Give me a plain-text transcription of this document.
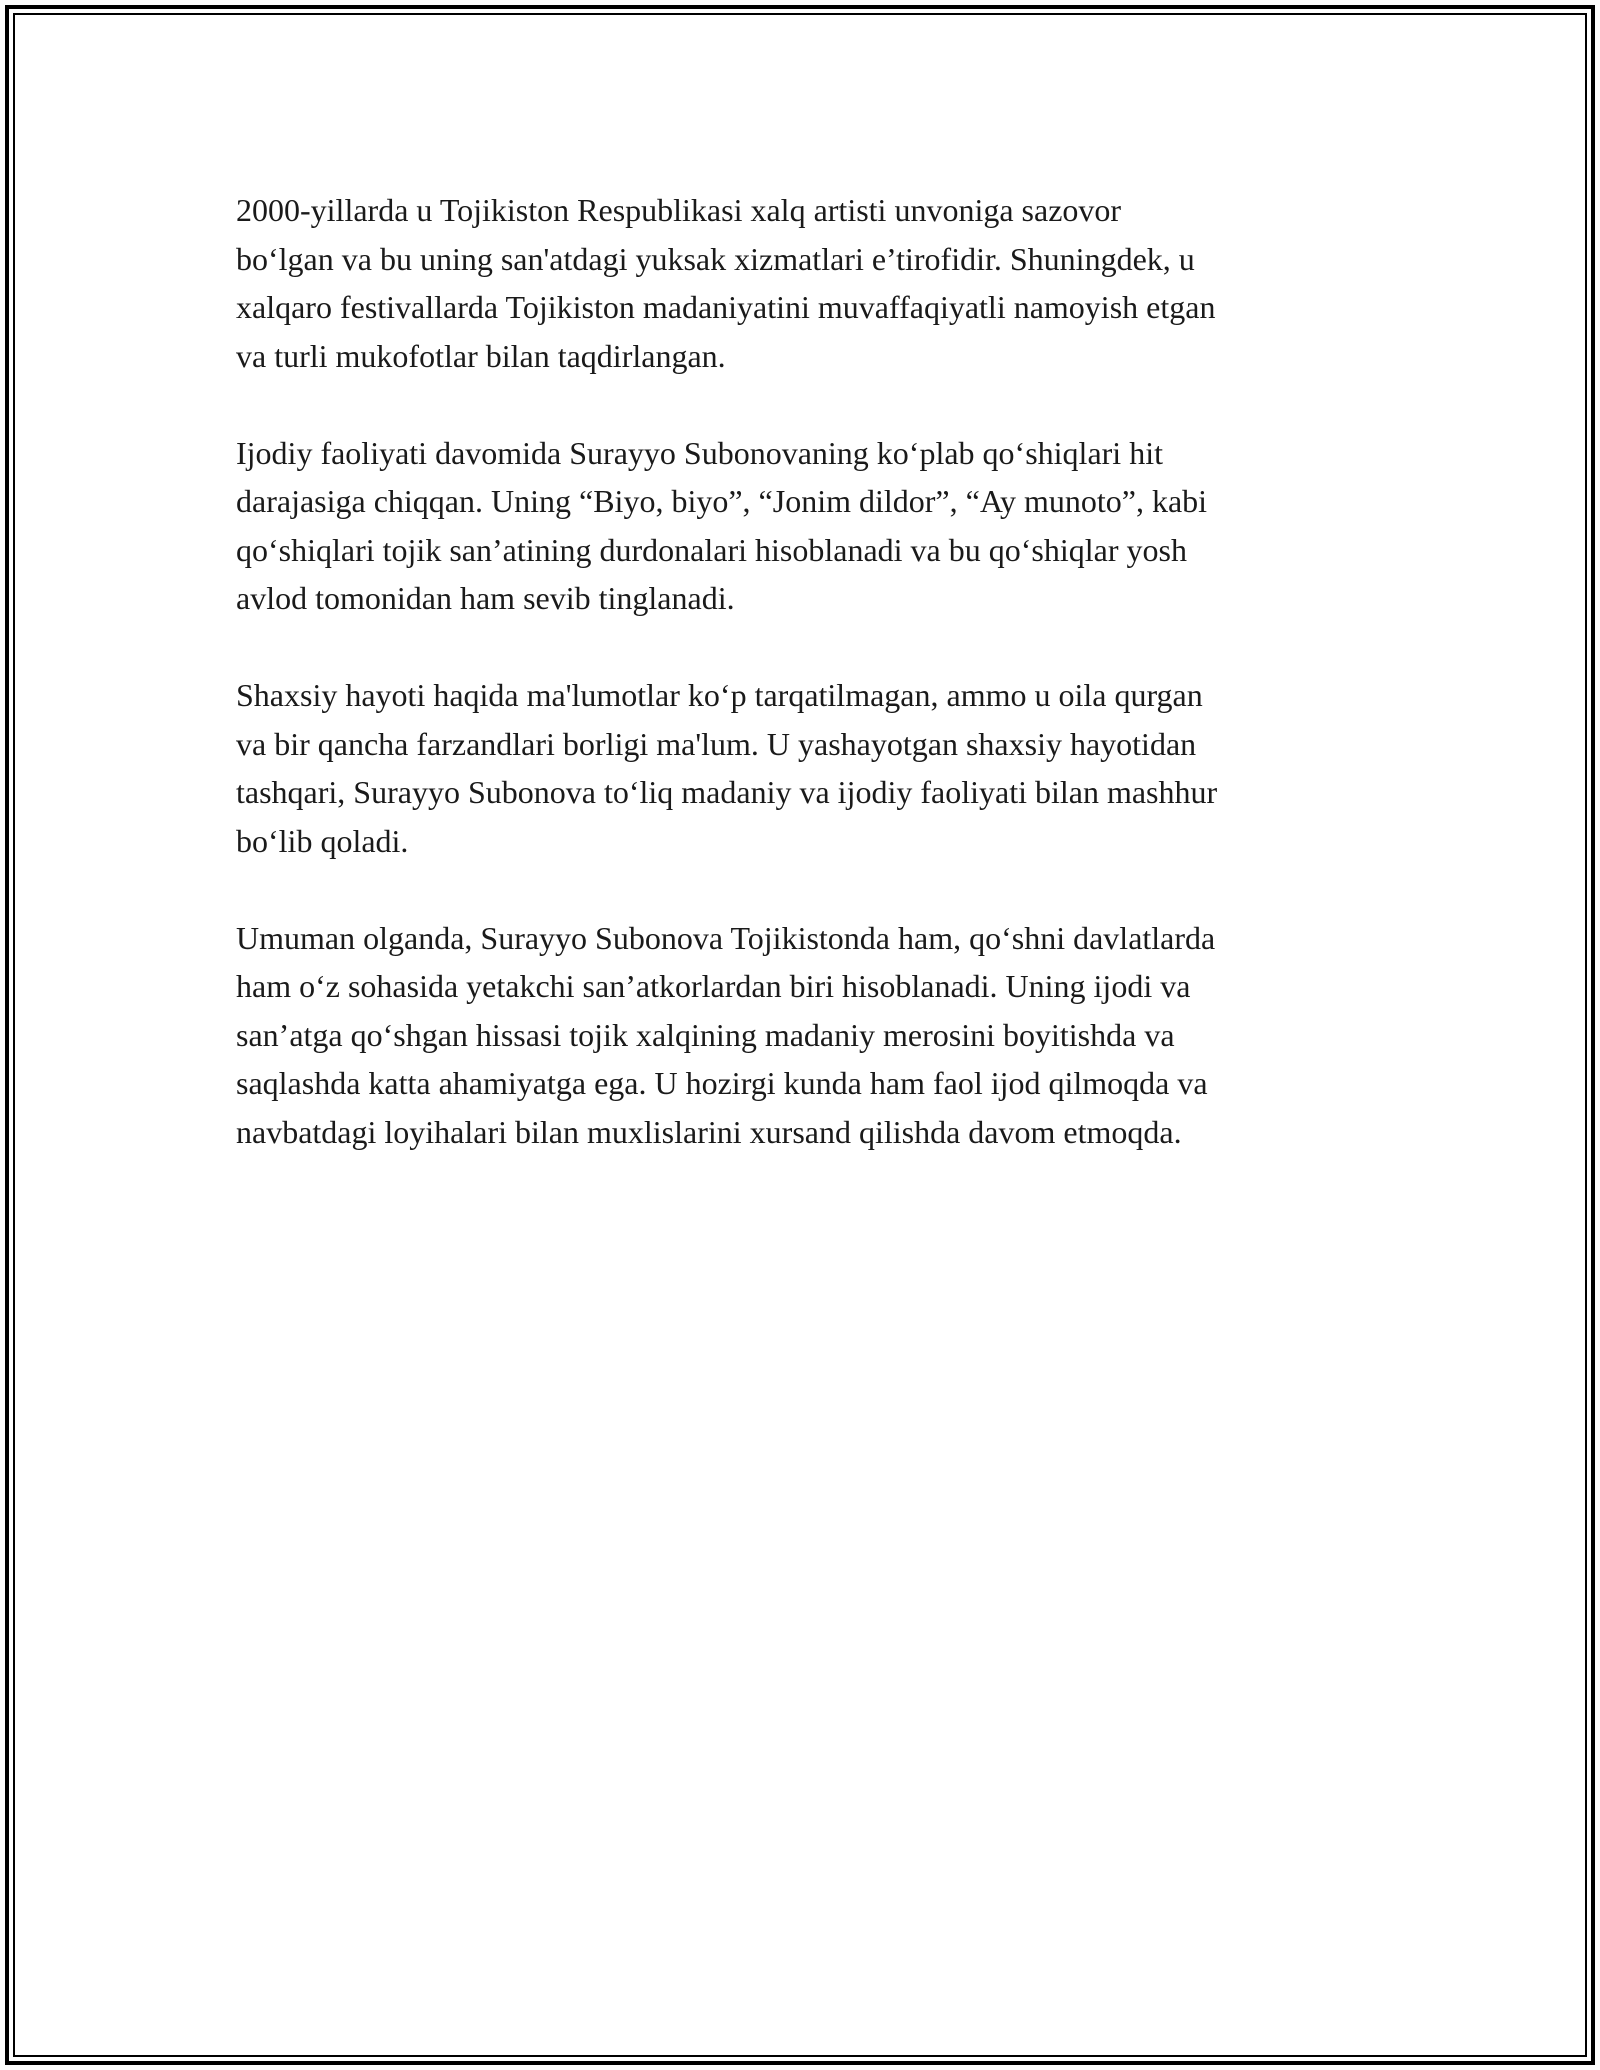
2000-yillarda u Tojikiston Respublikasi xalq artisti unvoniga sazovor
bo‘lgan va bu uning san'atdagi yuksak xizmatlari e’tirofidir. Shuningdek, u
xalqaro festivallarda Tojikiston madaniyatini muvaffaqiyatli namoyish etgan
va turli mukofotlar bilan taqdirlangan.

Ijodiy faoliyati davomida Surayyo Subonovaning ko‘plab qo‘shiqlari hit
darajasiga chiqqan. Uning “Biyo, biyo”, “Jonim dildor”, “Ay munoto”, kabi
qo‘shiqlari tojik san’atining durdonalari hisoblanadi va bu qo‘shiqlar yosh
avlod tomonidan ham sevib tinglanadi.

Shaxsiy hayoti haqida ma'lumotlar ko‘p tarqatilmagan, ammo u oila qurgan
va bir qancha farzandlari borligi ma'lum. U yashayotgan shaxsiy hayotidan
tashqari, Surayyo Subonova to‘liq madaniy va ijodiy faoliyati bilan mashhur
bo‘lib qoladi.

Umuman olganda, Surayyo Subonova Tojikistonda ham, qo‘shni davlatlarda
ham o‘z sohasida yetakchi san’atkorlardan biri hisoblanadi. Uning ijodi va
san’atga qo‘shgan hissasi tojik xalqining madaniy merosini boyitishda va
saqlashda katta ahamiyatga ega. U hozirgi kunda ham faol ijod qilmoqda va
navbatdagi loyihalari bilan muxlislarini xursand qilishda davom etmoqda.
